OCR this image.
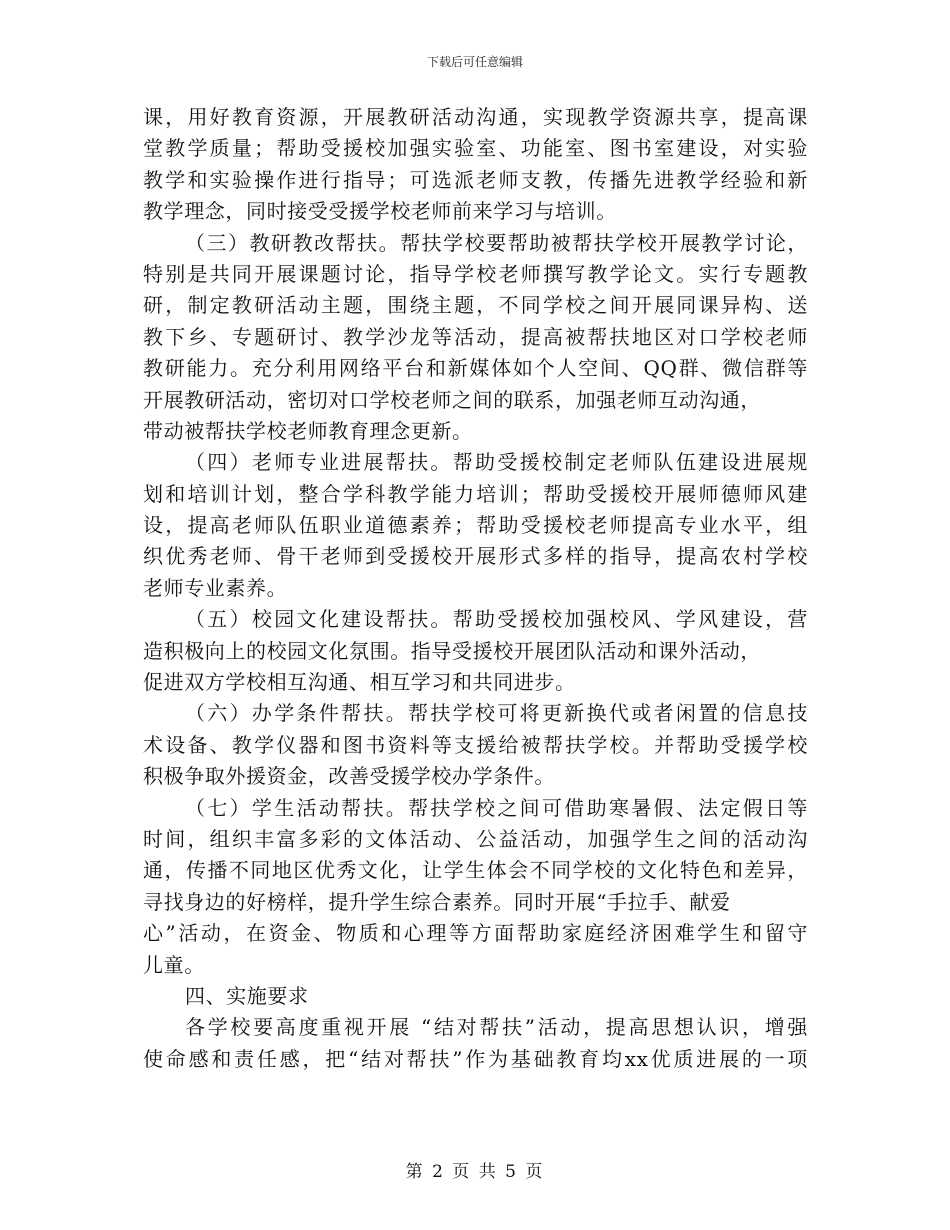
下载后可任意编辑
课，用好教育资源，开展教研活动沟通，实现教学资源共享，提高课
堂教学质量；帮助受援校加强实验室、功能室、图书室建设，对实验
教学和实验操作进行指导；可选派老师支教，传播先进教学经验和新
教学理念，同时接受受援学校老师前来学习与培训。
（三）教研教改帮扶。帮扶学校要帮助被帮扶学校开展教学讨论，
特别是共同开展课题讨论，指导学校老师撰写教学论文。实行专题教
研，制定教研活动主题，围绕主题，不同学校之间开展同课异构、送
教下乡、专题研讨、教学沙龙等活动，提高被帮扶地区对口学校老师
教研能力。充分利用网络平台和新媒体如个人空间、QQ群、微信群等
开展教研活动，密切对口学校老师之间的联系，加强老师互动沟通，
带动被帮扶学校老师教育理念更新。
（四）老师专业进展帮扶。帮助受援校制定老师队伍建设进展规
划和培训计划，整合学科教学能力培训；帮助受援校开展师德师风建
设，提高老师队伍职业道德素养；帮助受援校老师提高专业水平，组
织优秀老师、骨干老师到受援校开展形式多样的指导，提高农村学校
老师专业素养。
（五）校园文化建设帮扶。帮助受援校加强校风、学风建设，营
造积极向上的校园文化氛围。指导受援校开展团队活动和课外活动，
促进双方学校相互沟通、相互学习和共同进步。
（六）办学条件帮扶。帮扶学校可将更新换代或者闲置的信息技
术设备、教学仪器和图书资料等支援给被帮扶学校。并帮助受援学校
积极争取外援资金，改善受援学校办学条件。
（七）学生活动帮扶。帮扶学校之间可借助寒暑假、法定假日等
时间，组织丰富多彩的文体活动、公益活动，加强学生之间的活动沟
通，传播不同地区优秀文化，让学生体会不同学校的文化特色和差异，
寻找身边的好榜样，提升学生综合素养。同时开展“手拉手、献爱
心”活动，在资金、物质和心理等方面帮助家庭经济困难学生和留守
儿童。
四、实施要求
各学校要高度重视开展 “结对帮扶”活动，提高思想认识，增强
使命感和责任感，把“结对帮扶”作为基础教育均xx优质进展的一项
第 2 页 共 5 页
